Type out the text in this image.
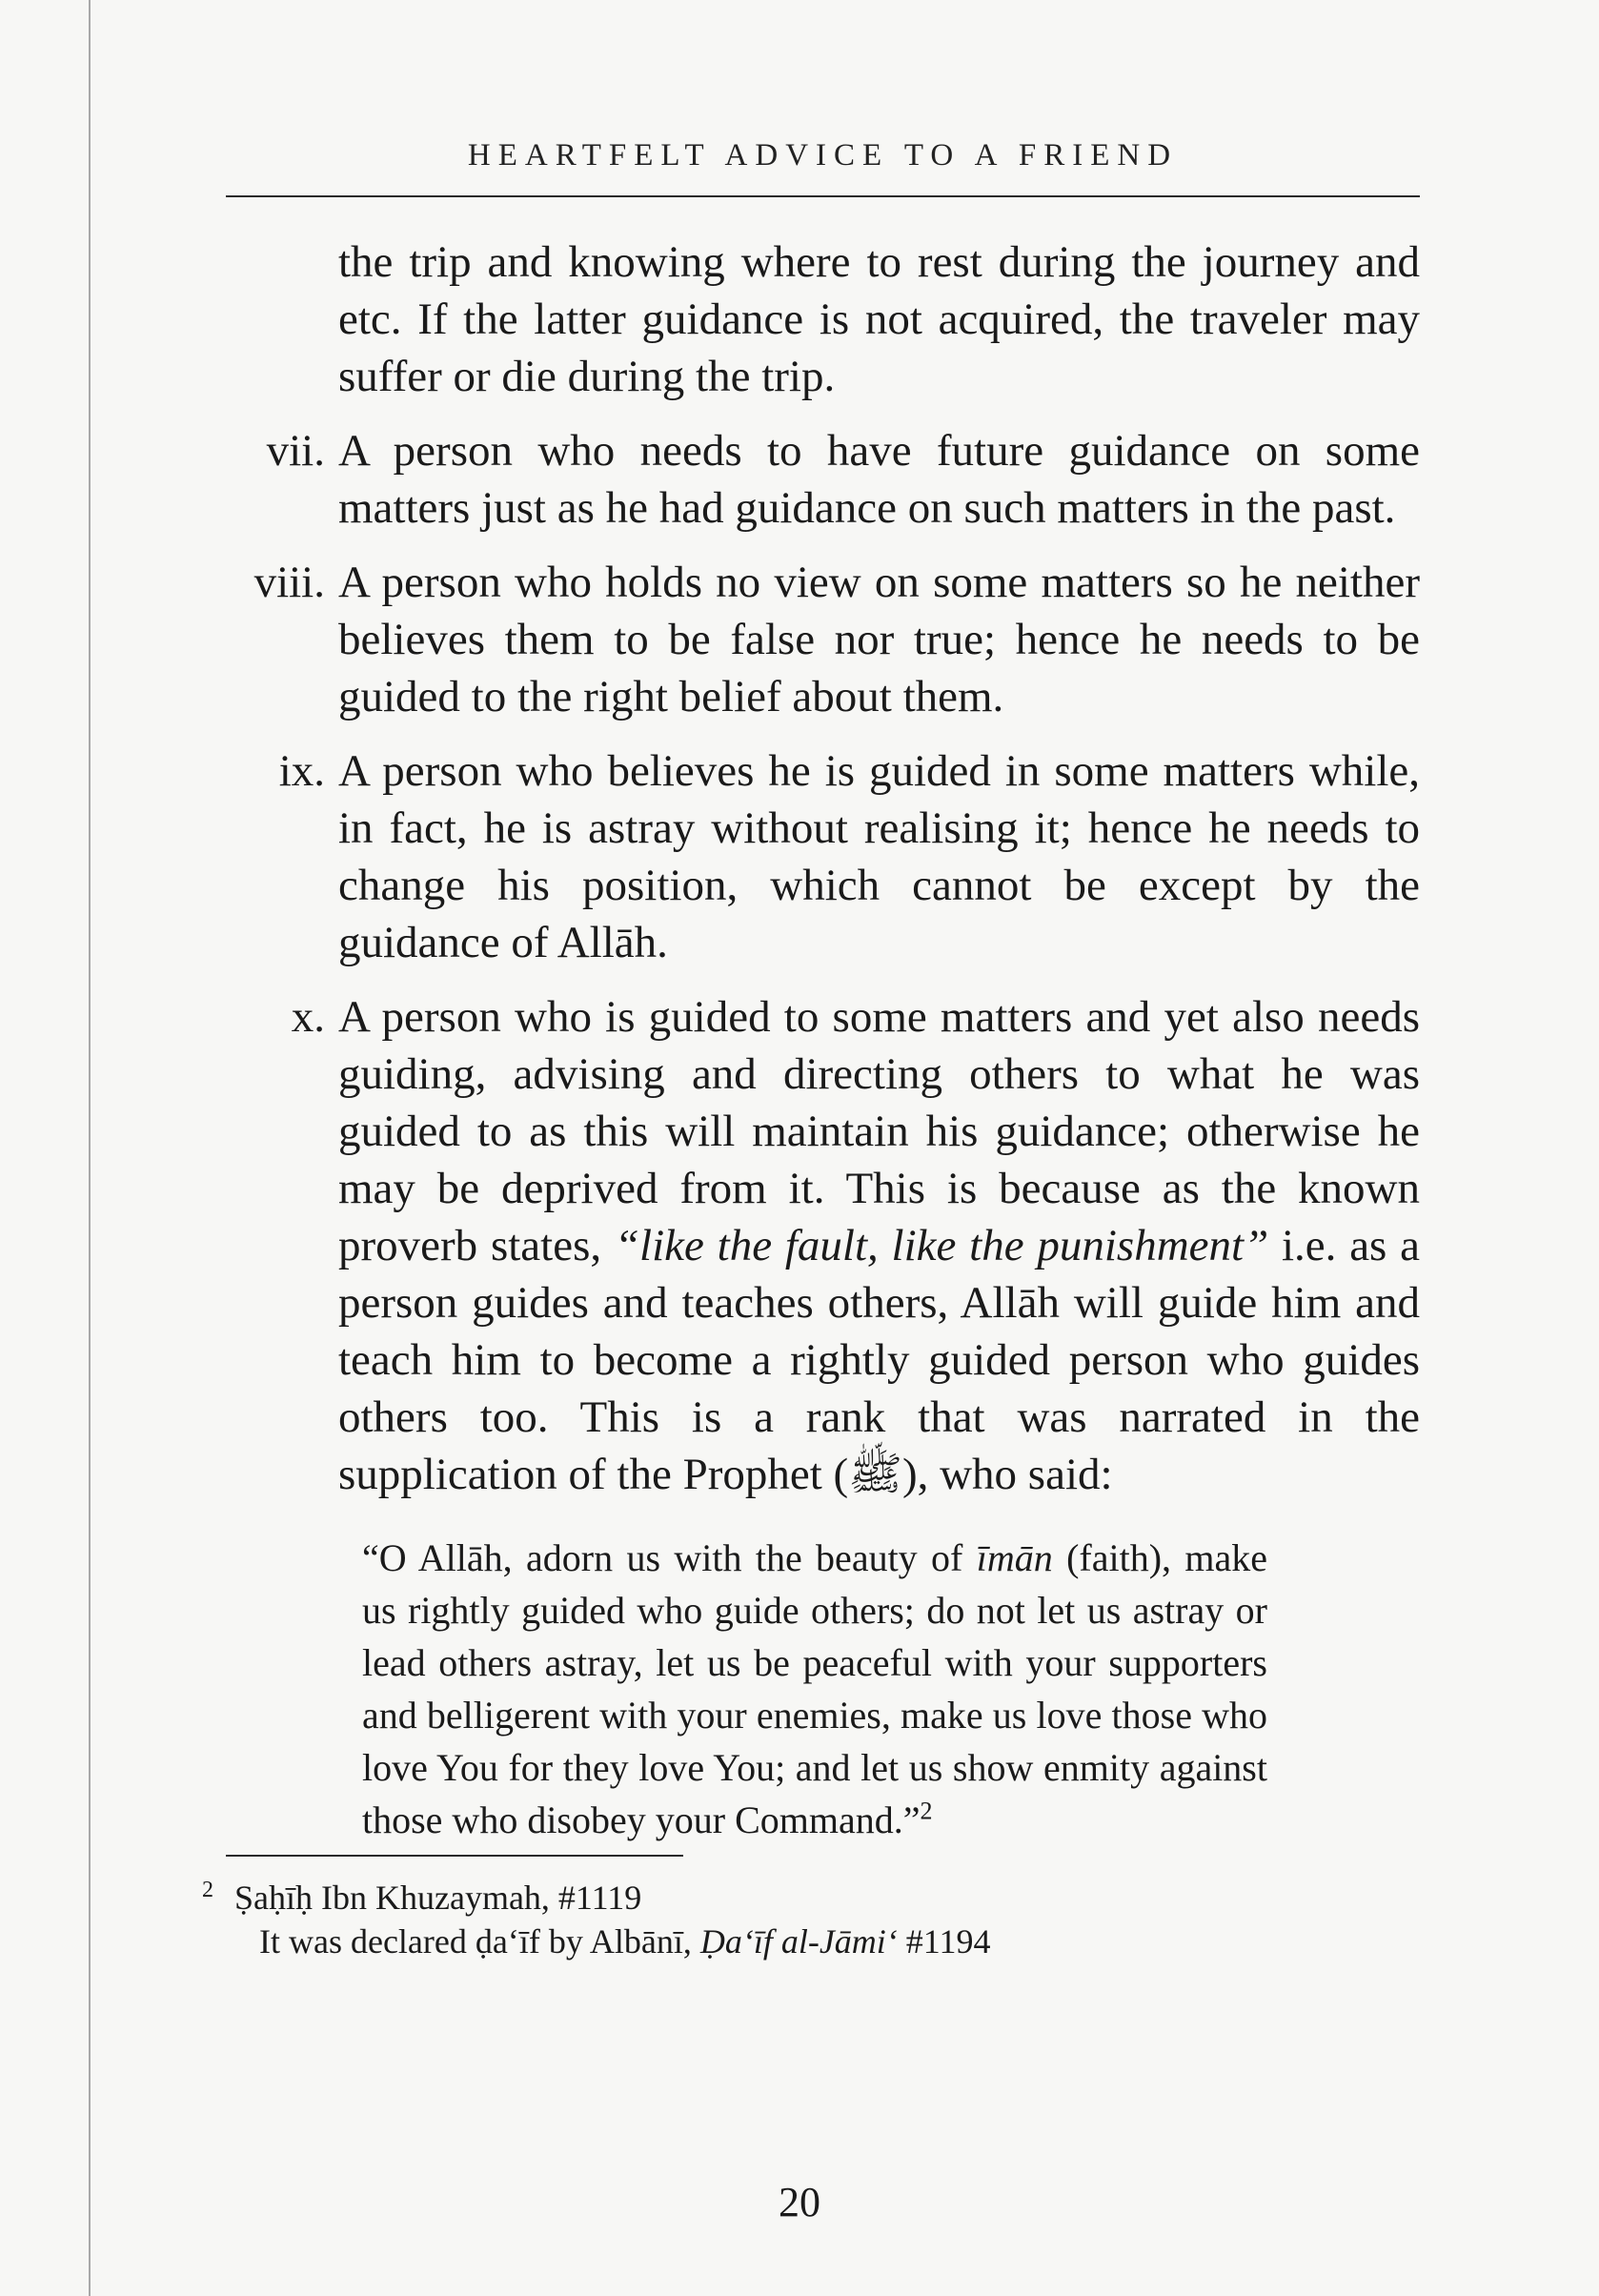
HEARTFELT ADVICE TO A FRIEND

the trip and knowing where to rest during the journey and etc. If the latter guidance is not acquired, the traveler may suffer or die during the trip.

vii. A person who needs to have future guidance on some matters just as he had guidance on such matters in the past.
viii. A person who holds no view on some matters so he neither believes them to be false nor true; hence he needs to be guided to the right belief about them.
ix. A person who believes he is guided in some matters while, in fact, he is astray without realising it; hence he needs to change his position, which cannot be except by the guidance of Allāh.
x. A person who is guided to some matters and yet also needs guiding, advising and directing others to what he was guided to as this will maintain his guidance; otherwise he may be deprived from it. This is because as the known proverb states, “like the fault, like the punishment” i.e. as a person guides and teaches others, Allāh will guide him and teach him to become a rightly guided person who guides others too. This is a rank that was narrated in the supplication of the Prophet (ﷺ), who said:
“O Allāh, adorn us with the beauty of īmān (faith), make us rightly guided who guide others; do not let us astray or lead others astray, let us be peaceful with your supporters and belligerent with your enemies, make us love those who love You for they love You; and let us show enmity against those who disobey your Command.”$^2$
$^2$ Ṣaḥīḥ Ibn Khuzaymah, #1119
It was declared ḍa‘īf by Albānī, Ḍa‘īf al-Jāmi‘ #1194
20
